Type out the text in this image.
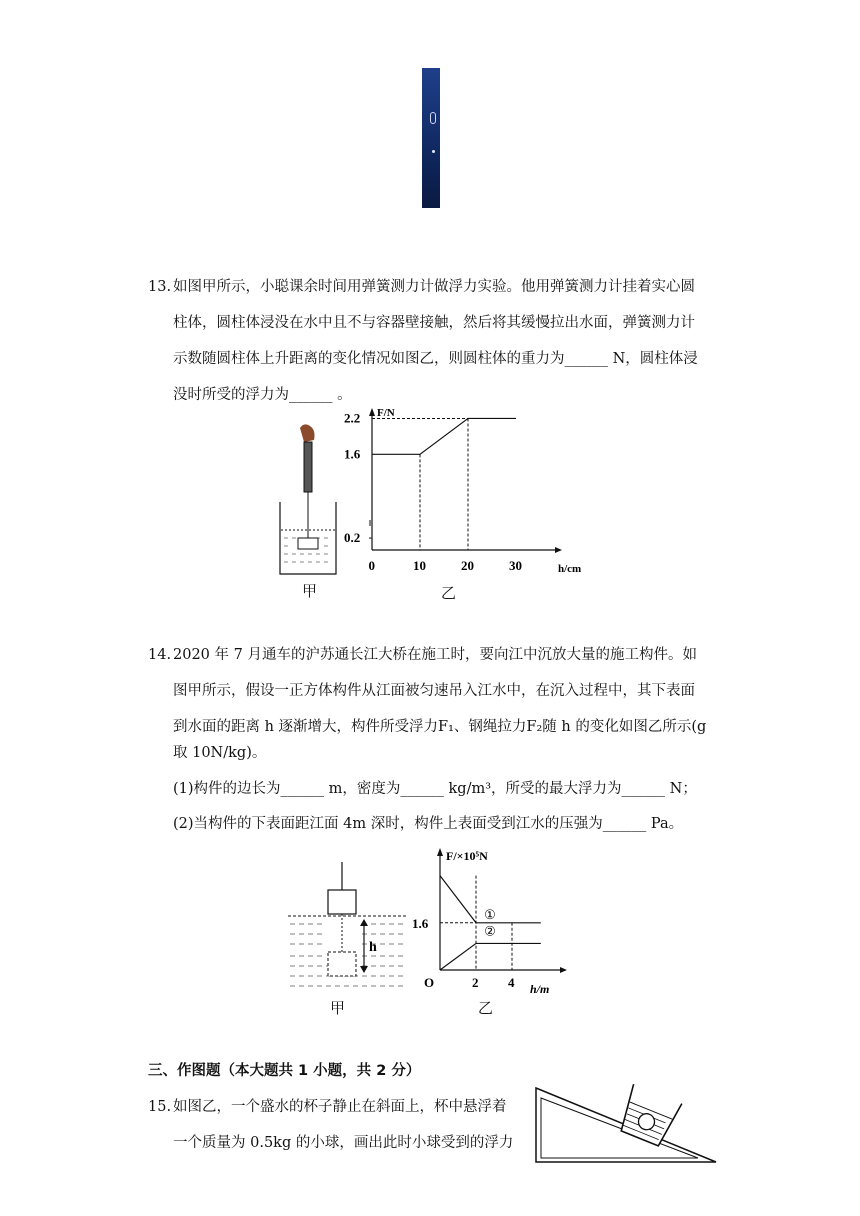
13. 如图甲所示，小聪课余时间用弹簧测力计做浮力实验。他用弹簧测力计挂着实心圆
柱体，圆柱体浸没在水中且不与容器壁接触，然后将其缓慢拉出水面，弹簧测力计
示数随圆柱体上升距离的变化情况如图乙，则圆柱体的重力为______ N，圆柱体浸
没时所受的浮力为______ 。
甲
F/N
h/cm
0	10	20	30
0.2
1.6
2.2
乙
14. 2020 年 7 月通车的沪苏通长江大桥在施工时，要向江中沉放大量的施工构件。如
图甲所示，假设一正方体构件从江面被匀速吊入江水中，在沉入过程中，其下表面
到水面的距离 h 逐渐增大，构件所受浮力F₁、钢绳拉力F₂随 h 的变化如图乙所示(g
取 10N/kg)。
(1)构件的边长为______ m，密度为______ kg/m³，所受的最大浮力为______ N；
(2)当构件的下表面距江面 4m 深时，构件上表面受到江水的压强为______ Pa。
h
甲
F/×10⁵N
h/m
O	2 4
1.6
①
②
乙
三、作图题（本大题共 1 小题，共 2 分）
15. 如图乙，一个盛水的杯子静止在斜面上，杯中悬浮着
一个质量为 0.5kg 的小球，画出此时小球受到的浮力
